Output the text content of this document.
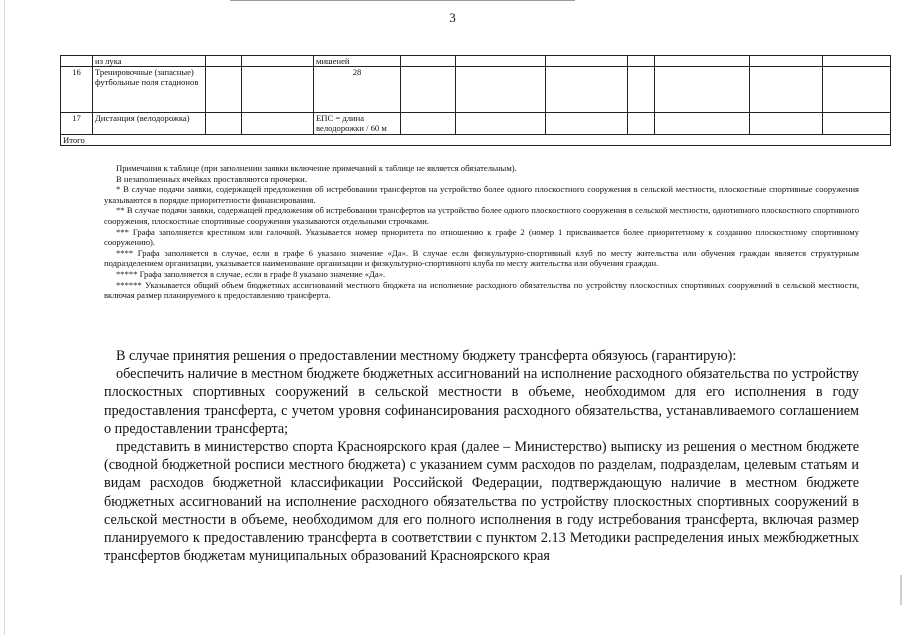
3
	из лука			мишеней							
16	Тренировочные (запасные) футбольные поля стадионов			28							
17	Дистанция (велодорожка)			ЕПС = длина велодорожки / 60 м							
Итого											

Примечания к таблице (при заполнении заявки включение примечаний к таблице не является обязательным).

В незаполненных ячейках проставляются прочерки.

* В случае подачи заявки, содержащей предложения об истребовании трансфертов на устройство более одного плоскостного сооружения в сельской местности, плоскостные спортивные сооружения указываются в порядке приоритетности финансирования.

** В случае подачи заявки, содержащей предложения об истребовании трансфертов на устройство более одного плоскостного сооружения в сельской местности, однотипного плоскостного спортивного сооружения, плоскостные спортивные сооружения указываются отдельными строчками.

*** Графа заполняется крестиком или галочкой. Указывается номер приоритета по отношению к графе 2 (номер 1 присваивается более приоритетному к созданию плоскостному спортивному сооружению).

**** Графа заполняется в случае, если в графе 6 указано значение «Да». В случае если физкультурно-спортивный клуб по месту жительства или обучения граждан является структурным подразделением организации, указывается наименование организации и физкультурно-спортивного клуба по месту жительства или обучения граждан.

***** Графа заполняется в случае, если в графе 8 указано значение «Да».

****** Указывается общий объем бюджетных ассигнований местного бюджета на исполнение расходного обязательства по устройству плоскостных спортивных сооружений в сельской местности, включая размер планируемого к предоставлению трансферта.

В случае принятия решения о предоставлении местному бюджету трансферта обязуюсь (гарантирую):

обеспечить наличие в местном бюджете бюджетных ассигнований на исполнение расходного обязательства по устройству плоскостных спортивных сооружений в сельской местности в объеме, необходимом для его исполнения в году предоставления трансферта, с учетом уровня софинансирования расходного обязательства, устанавливаемого соглашением о предоставлении трансферта;

представить в министерство спорта Красноярского края (далее – Министерство) выписку из решения о местном бюджете (сводной бюджетной росписи местного бюджета) с указанием сумм расходов по разделам, подразделам, целевым статьям и видам расходов бюджетной классификации Российской Федерации, подтверждающую наличие в местном бюджете бюджетных ассигнований на исполнение расходного обязательства по устройству плоскостных спортивных сооружений в сельской местности в объеме, необходимом для его полного исполнения в году истребования трансферта, включая размер планируемого к предоставлению трансферта в соответствии с пунктом 2.13 Методики распределения иных межбюджетных трансфертов бюджетам муниципальных образований Красноярского края
